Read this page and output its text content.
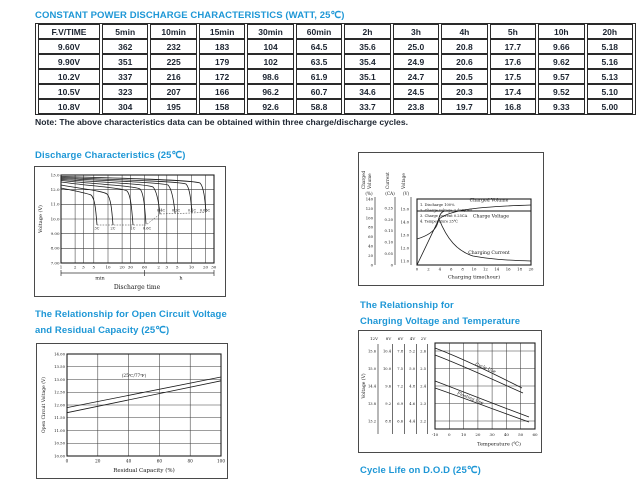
CONSTANT POWER DISCHARGE CHARACTERISTICS (WATT, 25℃)
F.V/TIME	5min	10min	15min	30min	60min	2h	3h	4h	5h	10h	20h
9.60V	362	232	183	104	64.5	35.6	25.0	20.8	17.7	9.66	5.18
9.90V	351	225	179	102	63.5	35.4	24.9	20.6	17.6	9.62	5.16
10.2V	337	216	172	98.6	61.9	35.1	24.7	20.5	17.5	9.57	5.13
10.5V	323	207	166	96.2	60.7	34.6	24.5	20.3	17.4	9.52	5.10
10.8V	304	195	158	92.6	58.8	33.7	23.8	19.7	16.8	9.33	5.00
Note: The above characteristics data can be obtained within three charge/discharge cycles.
Discharge Characteristics (25℃)
13.0
12.0
11.0
10.0
9.00
8.00
7.00
1	2 3 5	10 20 30 60	2 3 5	10 20 30
Voltage (V)	3C	2C	1C 0.6C
0.4C 0.2C 0.1C 0.05C
min	h
Discharge time
Charged Volume	Current	Voltage
(%)	(CA) (V)
140
120
100
80
60
40
20
0
0.25
0.20
0.15
0.10
0.05
0
15.0
14.0
13.0
12.0
11.0
0 2 4 6 8 10 12 14 16 18 20
Charging time(hour)
1. Discharge 100%
2. Charge voltage 2.40V/cell
3. Charge current 0.25CA
4. Temperature 25℃
Charged Volume
Charge Voltage
Charging Current
The Relationship for Open Circuit Voltage
and Residual Capacity (25℃)
14.00
13.50
13.00
12.50
12.00
11.50
11.00
10.50
10.00
0	20	40	60	80	100
Open Circuit Voltage (V)
Residual Capacity (%)
(25℃/77℉)
The Relationship for
Charging Voltage and Temperature
Voltage (V)
12V 8V 6V 4V 2V
15.6
15.0
14.4
13.8
13.2
10.4
10.0
9.6
9.2
8.8
7.8
7.5
7.2
6.9
6.6
5.2
5.0
4.8
4.6
4.4
2.6
2.5
2.4
2.3
2.2
-10 0	10 20 30 40 50 60
Cycle Use
Floating Use
Temperature (℃)
Cycle Life on D.O.D (25℃)
